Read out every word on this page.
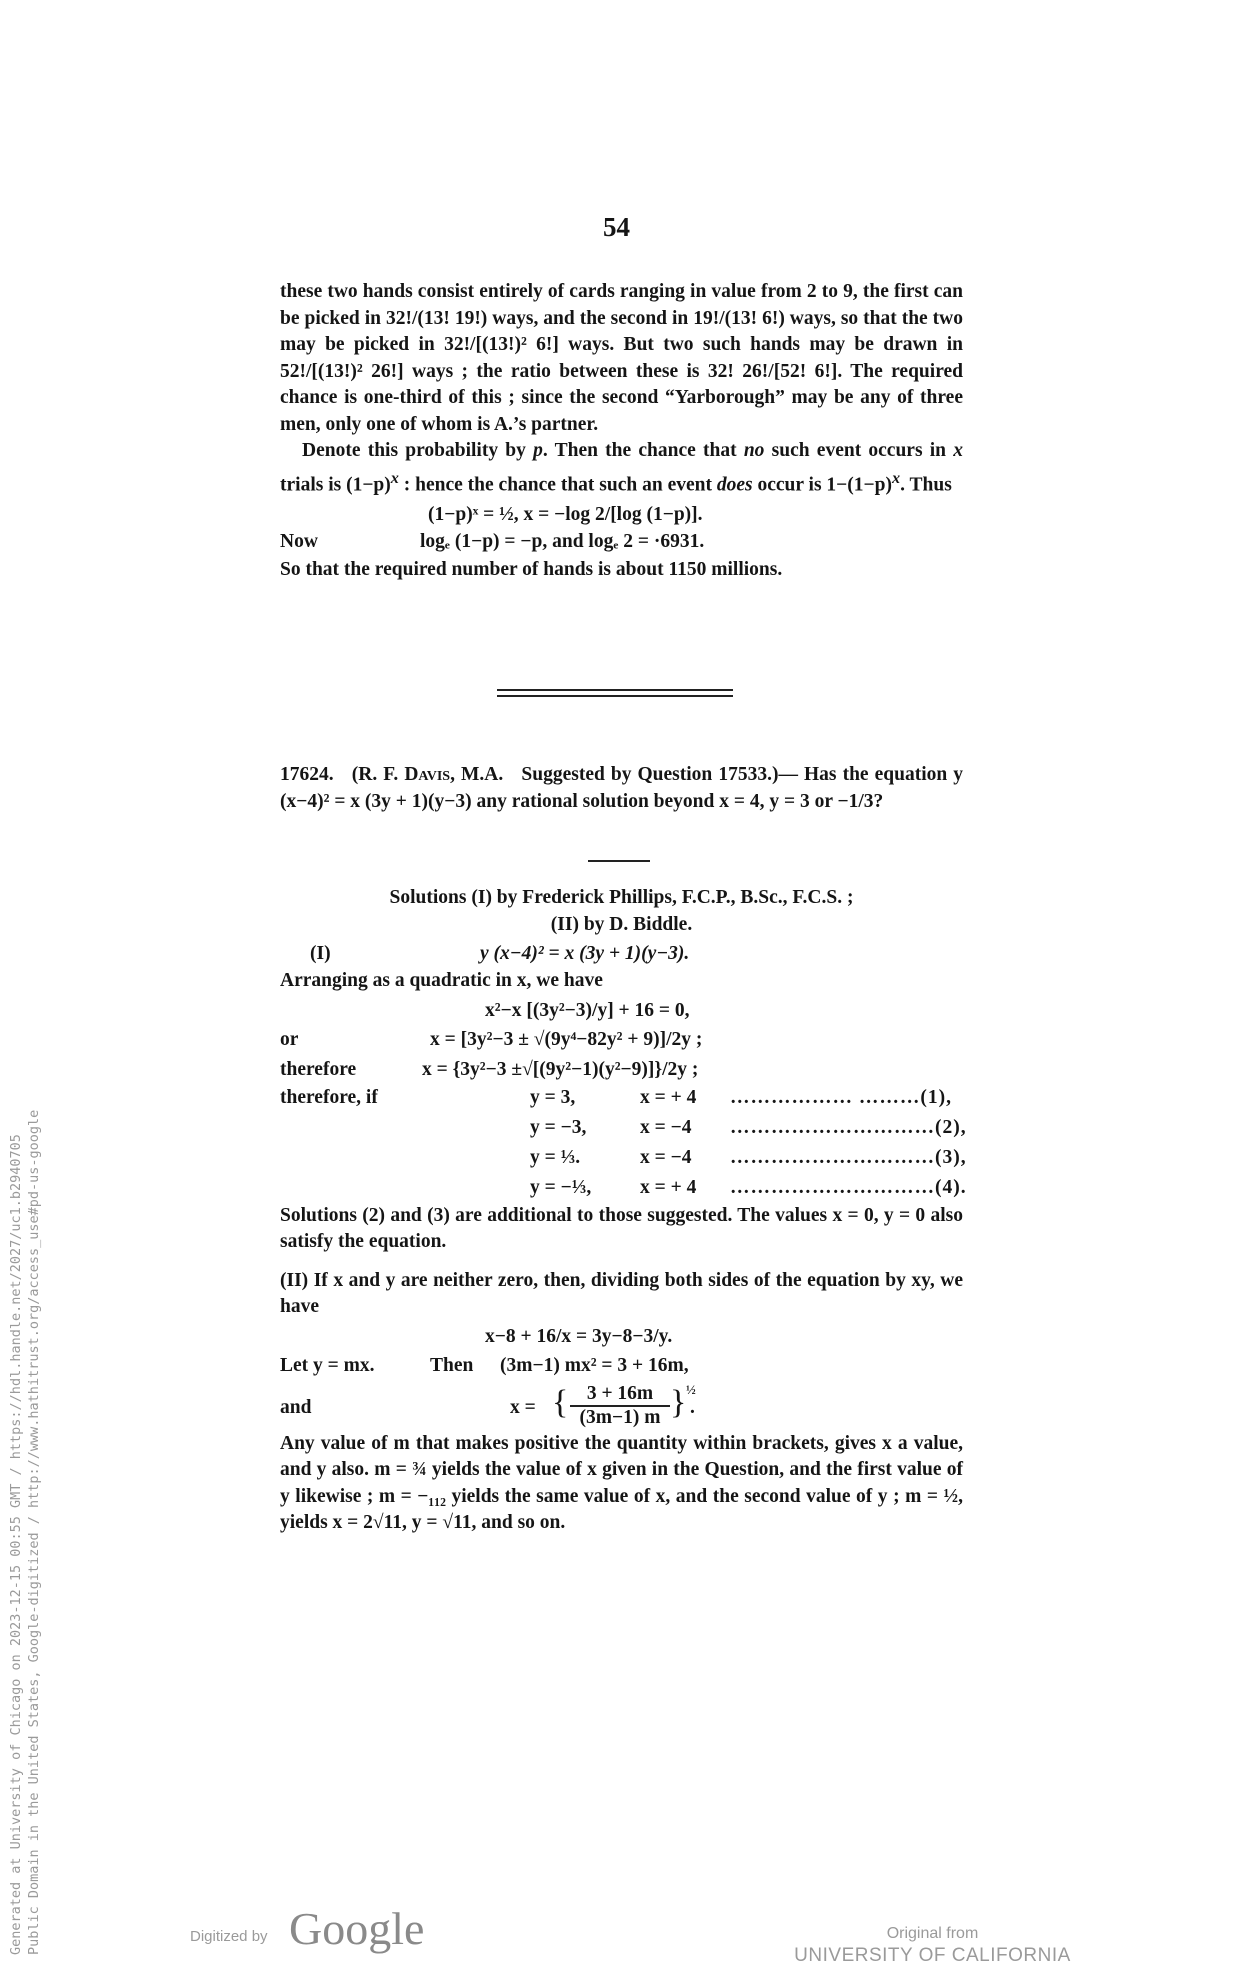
Generated at University of Chicago on 2023-12-15 00:55 GMT / https://hdl.handle.net/2027/uc1.b2940705 Public Domain in the United States, Google-digitized / http://www.hathitrust.org/access_use#pd-us-google
54

these two hands consist entirely of cards ranging in value from 2 to 9, the first can be picked in 32!/(13! 19!) ways, and the second in 19!/(13! 6!) ways, so that the two may be picked in 32!/[(13!)² 6!] ways. But two such hands may be drawn in 52!/[(13!)² 26!] ways ; the ratio between these is 32! 26!/[52! 6!]. The required chance is one-third of this ; since the second “Yarborough” may be any of three men, only one of whom is A.’s partner.

Denote this probability by p. Then the chance that no such event occurs in x trials is $(1-p)^x$ : hence the chance that such an event does occur is $1-(1-p)^x$. Thus

(1−p)ˣ = ½, x = −log 2/[log (1−p)].
Now	logₑ (1−p) = −p, and logₑ 2 = ·6931.

So that the required number of hands is about 1150 millions.

17624. (R. F. Davis, M.A. Suggested by Question 17533.)— Has the equation y (x−4)² = x (3y + 1)(y−3) any rational solution beyond x = 4, y = 3 or −1/3?

Solutions (I) by Frederick Phillips, F.C.P., B.Sc., F.C.S. ;

(II) by D. Biddle.

(I)	y (x−4)² = x (3y + 1)(y−3).

Arranging as a quadratic in x, we have

x²−x [(3y²−3)/y] + 16 = 0,
or	x = [3y²−3 ± √(9y⁴−82y² + 9)]/2y ;
therefore	x = {3y²−3 ±√[(9y²−1)(y²−9)]}/2y ;
therefore, if	y = 3,	x = + 4 ……………… ………(1),
y = −3,	x = −4 …………………………(2),
y = ⅓.	x = −4 …………………………(3),
y = −⅓,	x = + 4 …………………………(4).

Solutions (2) and (3) are additional to those suggested. The values x = 0, y = 0 also satisfy the equation.

(II) If x and y are neither zero, then, dividing both sides of the equation by xy, we have

x−8 + 16/x = 3y−8−3/y.
Let y = mx.	Then (3m−1) mx² = 3 + 16m,
and	x = { 3 + 16m
(3m−1) m } ½
.

Any value of m that makes positive the quantity within brackets, gives x a value, and y also. m = ¾ yields the value of x given in the Question, and the first value of y likewise ; m = −₁₁₂ yields the same value of x, and the second value of y ; m = ½, yields x = 2√11, y = √11, and so on.

Digitized by Google	Original from
UNIVERSITY OF CALIFORNIA
